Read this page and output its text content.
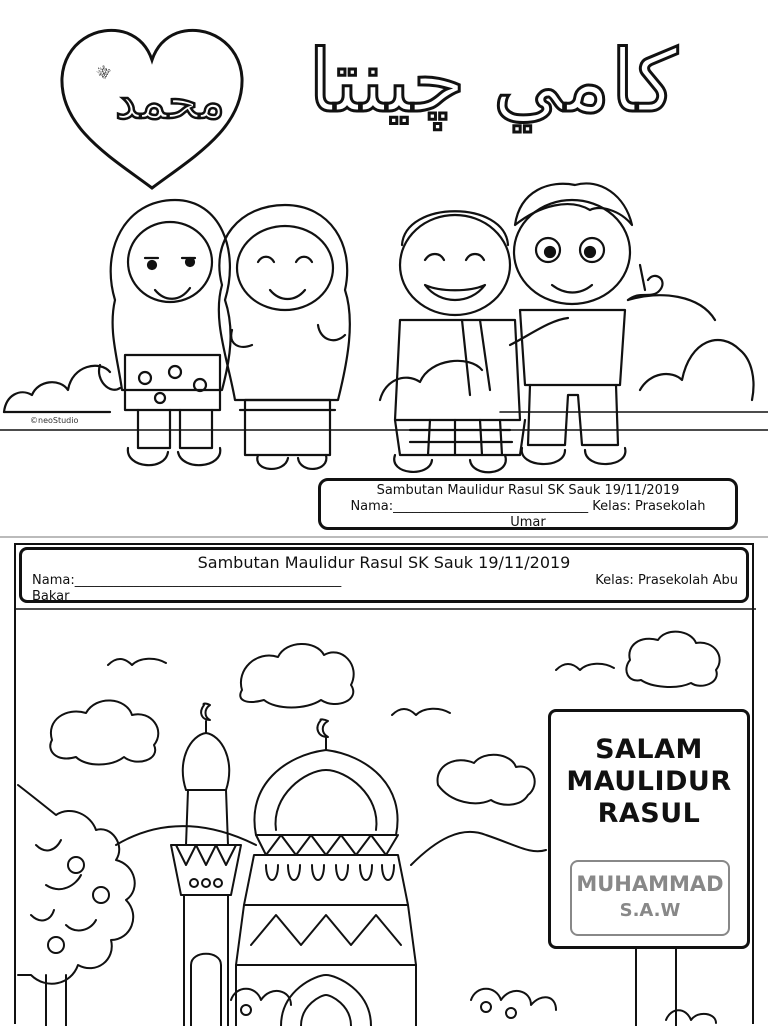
محمد
ﷺ	كامي چينتا
©neoStudio
Sambutan Maulidur Rasul SK Sauk 19/11/2019
Nama:______________________________ Kelas: Prasekolah
Umar
Sambutan Maulidur Rasul SK Sauk 19/11/2019
Nama:_________________________________________	Kelas: Prasekolah Abu
Bakar
SALAM
MAULIDUR
RASUL
MUHAMMAD
S.A.W
